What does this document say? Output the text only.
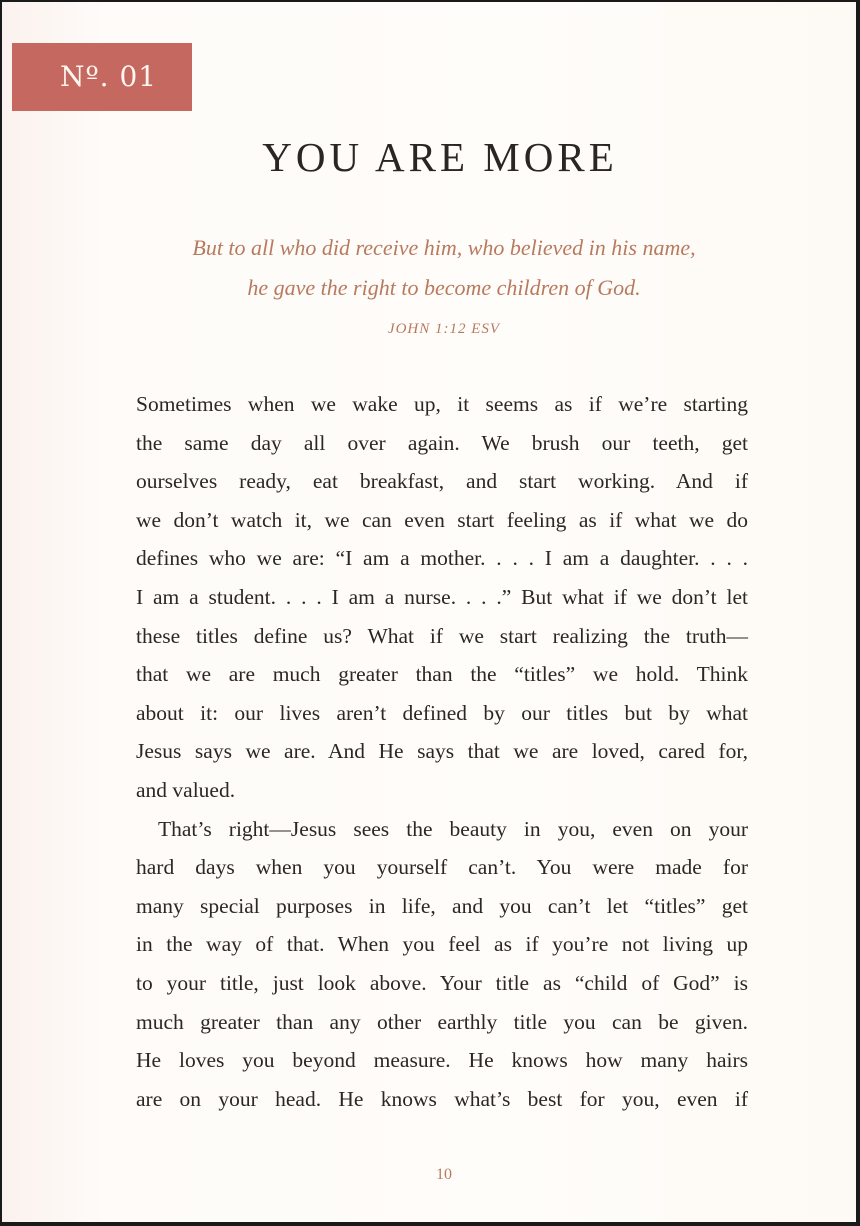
Nº. 01
YOU ARE MORE
But to all who did receive him, who believed in his name,
he gave the right to become children of God.
JOHN 1:12 ESV

Sometimes when we wake up, it seems as if we’re starting
the same day all over again. We brush our teeth, get
ourselves ready, eat breakfast, and start working. And if
we don’t watch it, we can even start feeling as if what we do
defines who we are: “I am a mother. . . . I am a daughter. . . .
I am a student. . . . I am a nurse. . . .” But what if we don’t let
these titles define us? What if we start realizing the truth—
that we are much greater than the “titles” we hold. Think
about it: our lives aren’t defined by our titles but by what
Jesus says we are. And He says that we are loved, cared for,
and valued.

That’s right—Jesus sees the beauty in you, even on your
hard days when you yourself can’t. You were made for
many special purposes in life, and you can’t let “titles” get
in the way of that. When you feel as if you’re not living up
to your title, just look above. Your title as “child of God” is
much greater than any other earthly title you can be given.
He loves you beyond measure. He knows how many hairs
are on your head. He knows what’s best for you, even if

10
